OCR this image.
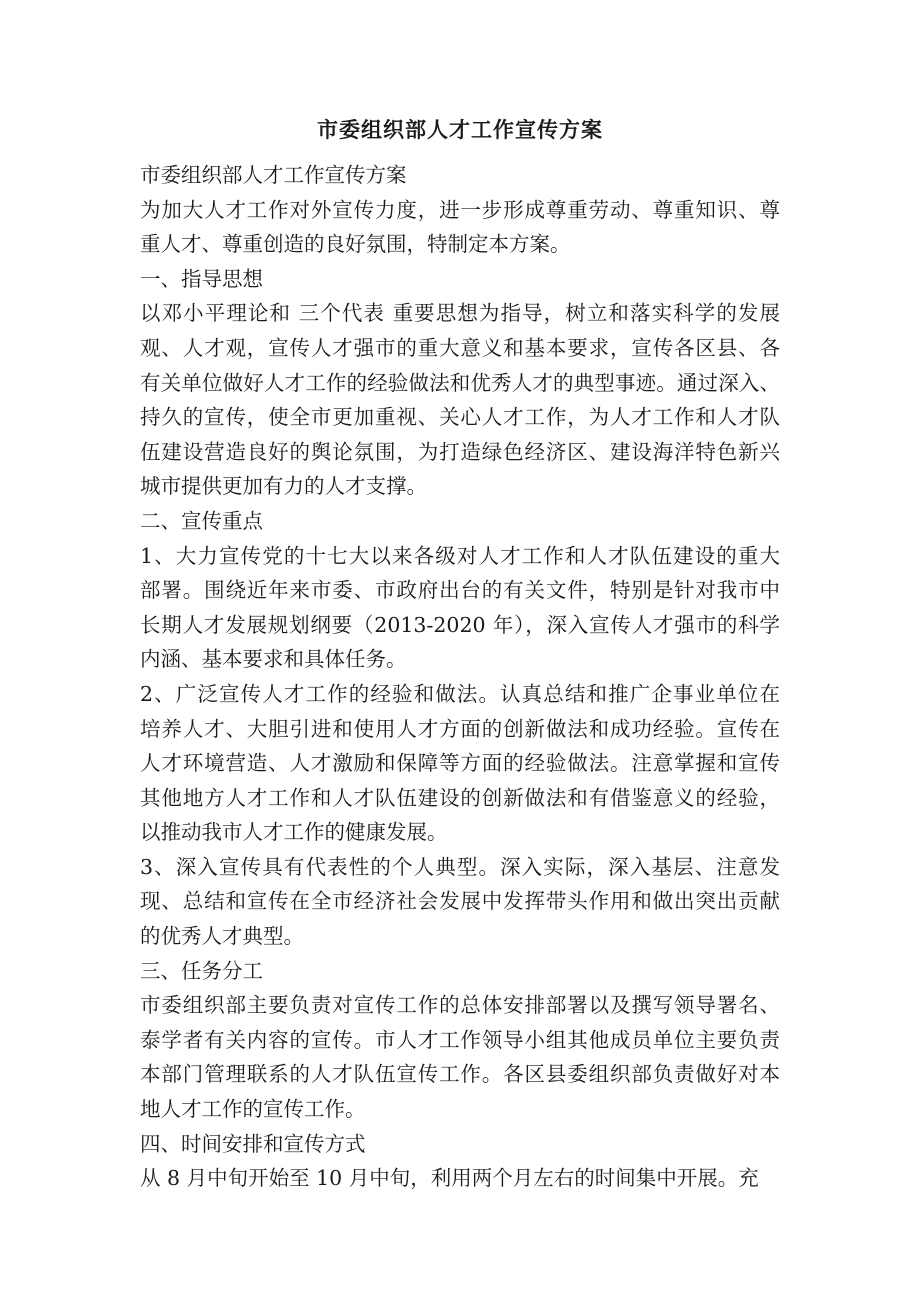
市委组织部人才工作宣传方案
市委组织部人才工作宣传方案
为加大人才工作对外宣传力度，进一步形成尊重劳动、尊重知识、尊
重人才、尊重创造的良好氛围，特制定本方案。
一、指导思想
以邓小平理论和 三个代表 重要思想为指导，树立和落实科学的发展
观、人才观，宣传人才强市的重大意义和基本要求，宣传各区县、各
有关单位做好人才工作的经验做法和优秀人才的典型事迹。通过深入、
持久的宣传，使全市更加重视、关心人才工作，为人才工作和人才队
伍建设营造良好的舆论氛围，为打造绿色经济区、建设海洋特色新兴
城市提供更加有力的人才支撑。
二、宣传重点
1、大力宣传党的十七大以来各级对人才工作和人才队伍建设的重大
部署。围绕近年来市委、市政府出台的有关文件，特别是针对我市中
长期人才发展规划纲要（2013-2020 年），深入宣传人才强市的科学
内涵、基本要求和具体任务。
2、广泛宣传人才工作的经验和做法。认真总结和推广企事业单位在
培养人才、大胆引进和使用人才方面的创新做法和成功经验。宣传在
人才环境营造、人才激励和保障等方面的经验做法。注意掌握和宣传
其他地方人才工作和人才队伍建设的创新做法和有借鉴意义的经验，
以推动我市人才工作的健康发展。
3、深入宣传具有代表性的个人典型。深入实际，深入基层、注意发
现、总结和宣传在全市经济社会发展中发挥带头作用和做出突出贡献
的优秀人才典型。
三、任务分工
市委组织部主要负责对宣传工作的总体安排部署以及撰写领导署名、
泰学者有关内容的宣传。市人才工作领导小组其他成员单位主要负责
本部门管理联系的人才队伍宣传工作。各区县委组织部负责做好对本
地人才工作的宣传工作。
四、时间安排和宣传方式
从 8 月中旬开始至 10 月中旬，利用两个月左右的时间集中开展。充
